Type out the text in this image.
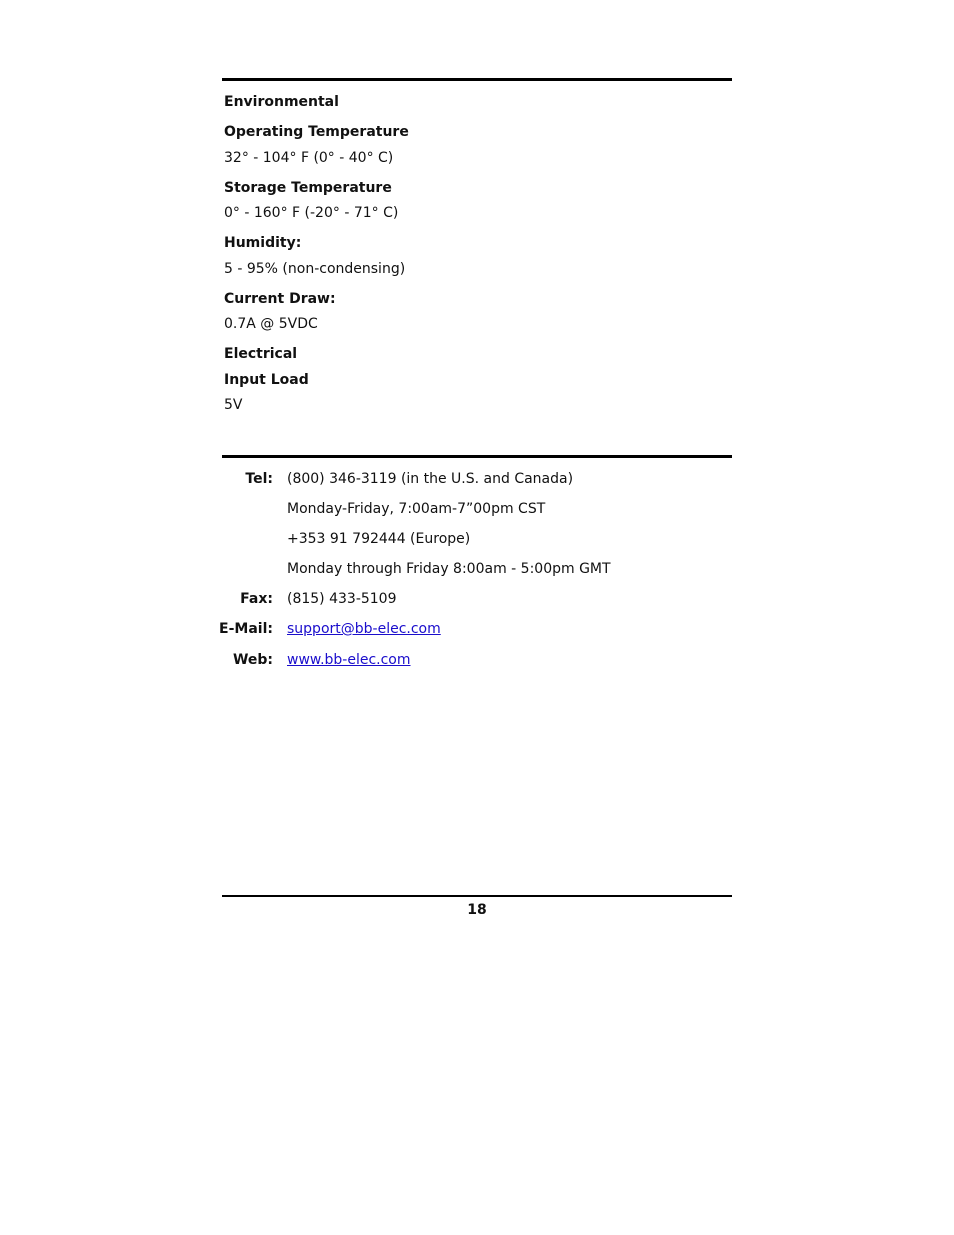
Environmental
Operating Temperature
32° - 104° F (0° - 40° C)
Storage Temperature
0° - 160° F (-20° - 71° C)
Humidity:
5 - 95% (non-condensing)
Current Draw:
0.7A @ 5VDC
Electrical
Input Load
5V
Tel: (800) 346-3119 (in the U.S. and Canada)
Monday-Friday, 7:00am-7”00pm CST
+353 91 792444 (Europe)
Monday through Friday 8:00am - 5:00pm GMT
Fax: (815) 433-5109
E-Mail: support@bb-elec.com
Web: www.bb-elec.com
18
